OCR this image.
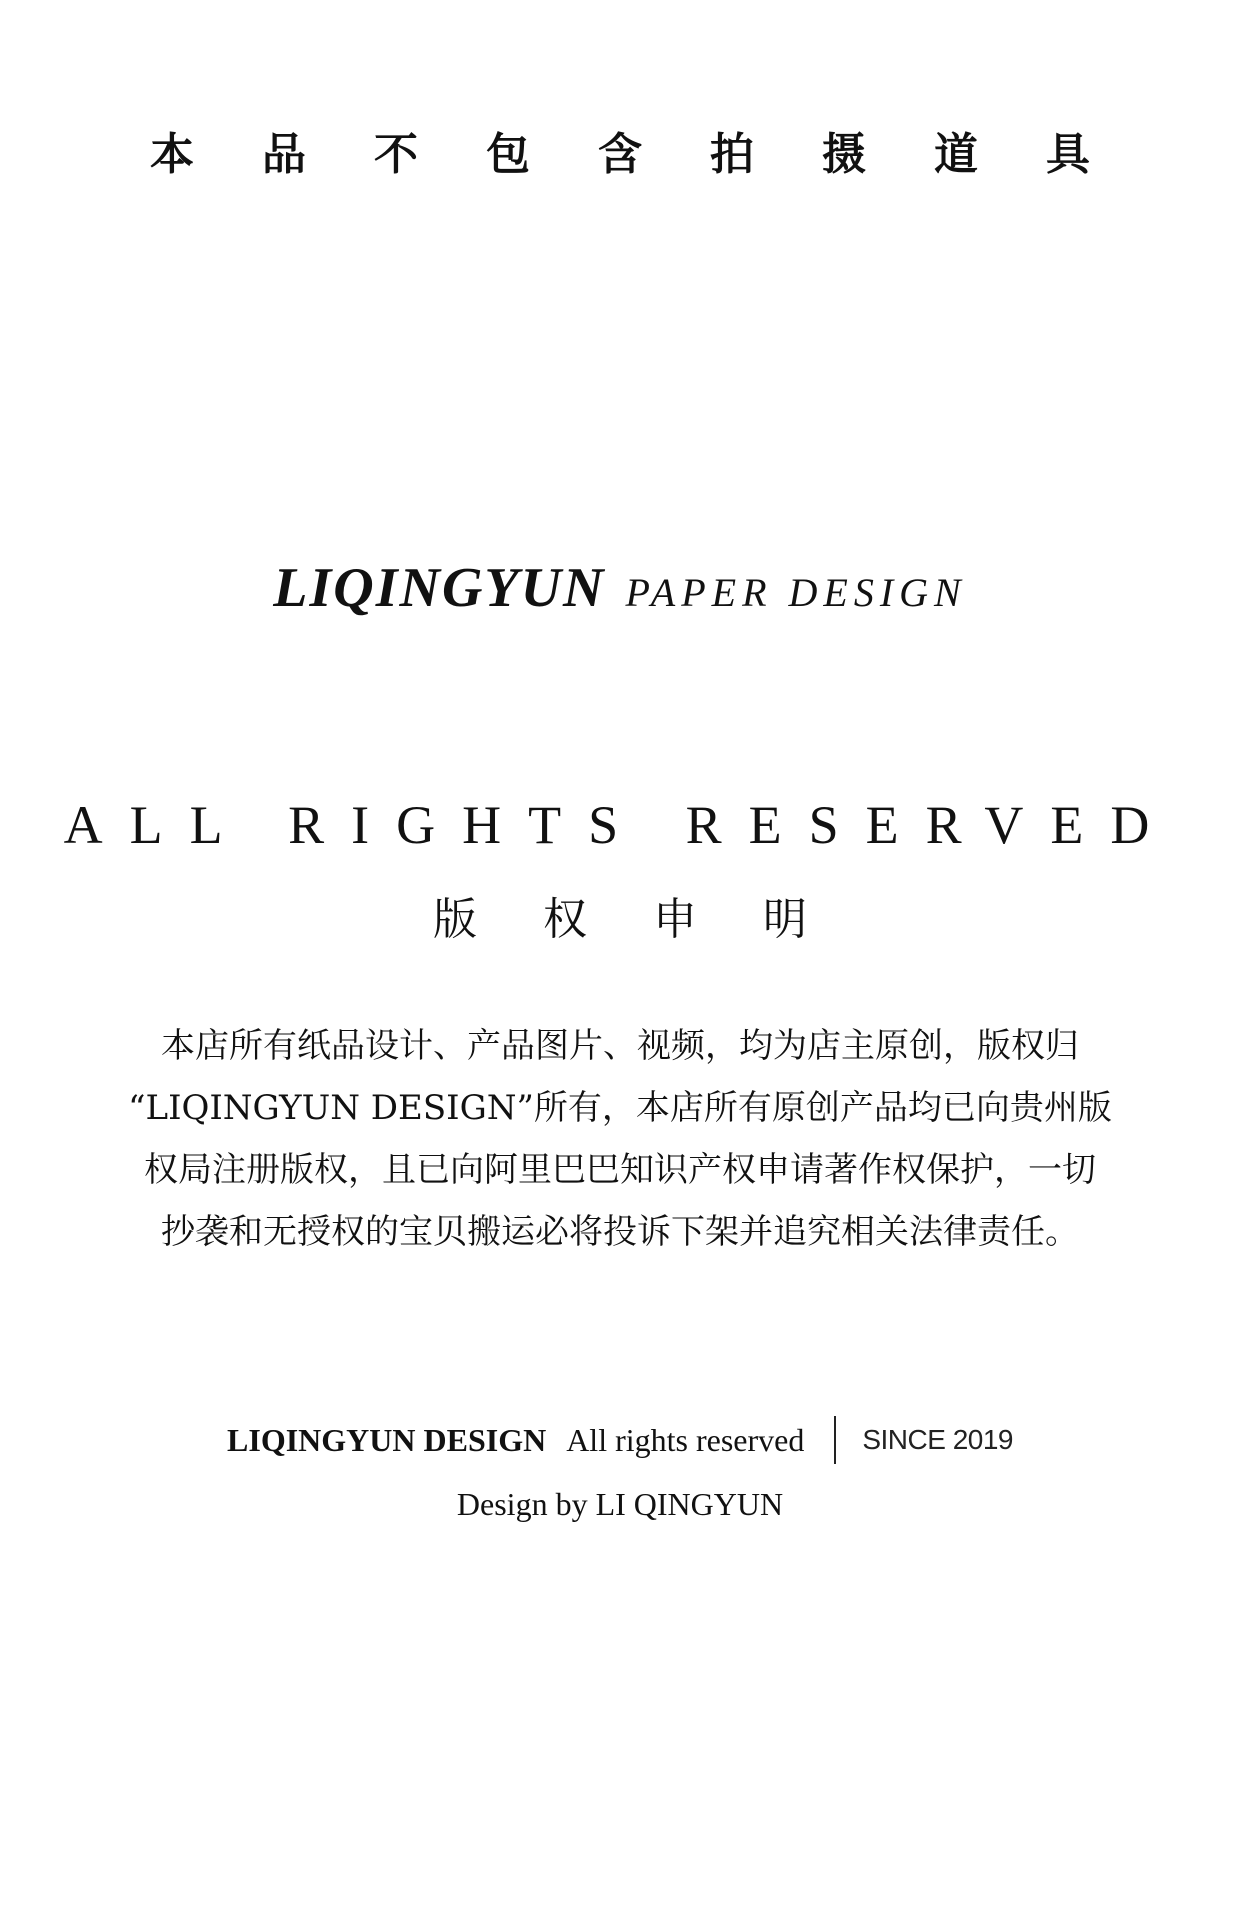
本	品	不	包	含	拍	摄	道	具
LIQINGYUN PAPER DESIGN
ALL RIGHTS RESERVED
版	权	申	明
本店所有纸品设计、产品图片、视频，均为店主原创，版权归
“LIQINGYUN DESIGN”所有，本店所有原创产品均已向贵州版
权局注册版权，且已向阿里巴巴知识产权申请著作权保护，一切
抄袭和无授权的宝贝搬运必将投诉下架并追究相关法律责任。
LIQINGYUN DESIGN All rights reserved SINCE 2019
Design by LI QINGYUN
